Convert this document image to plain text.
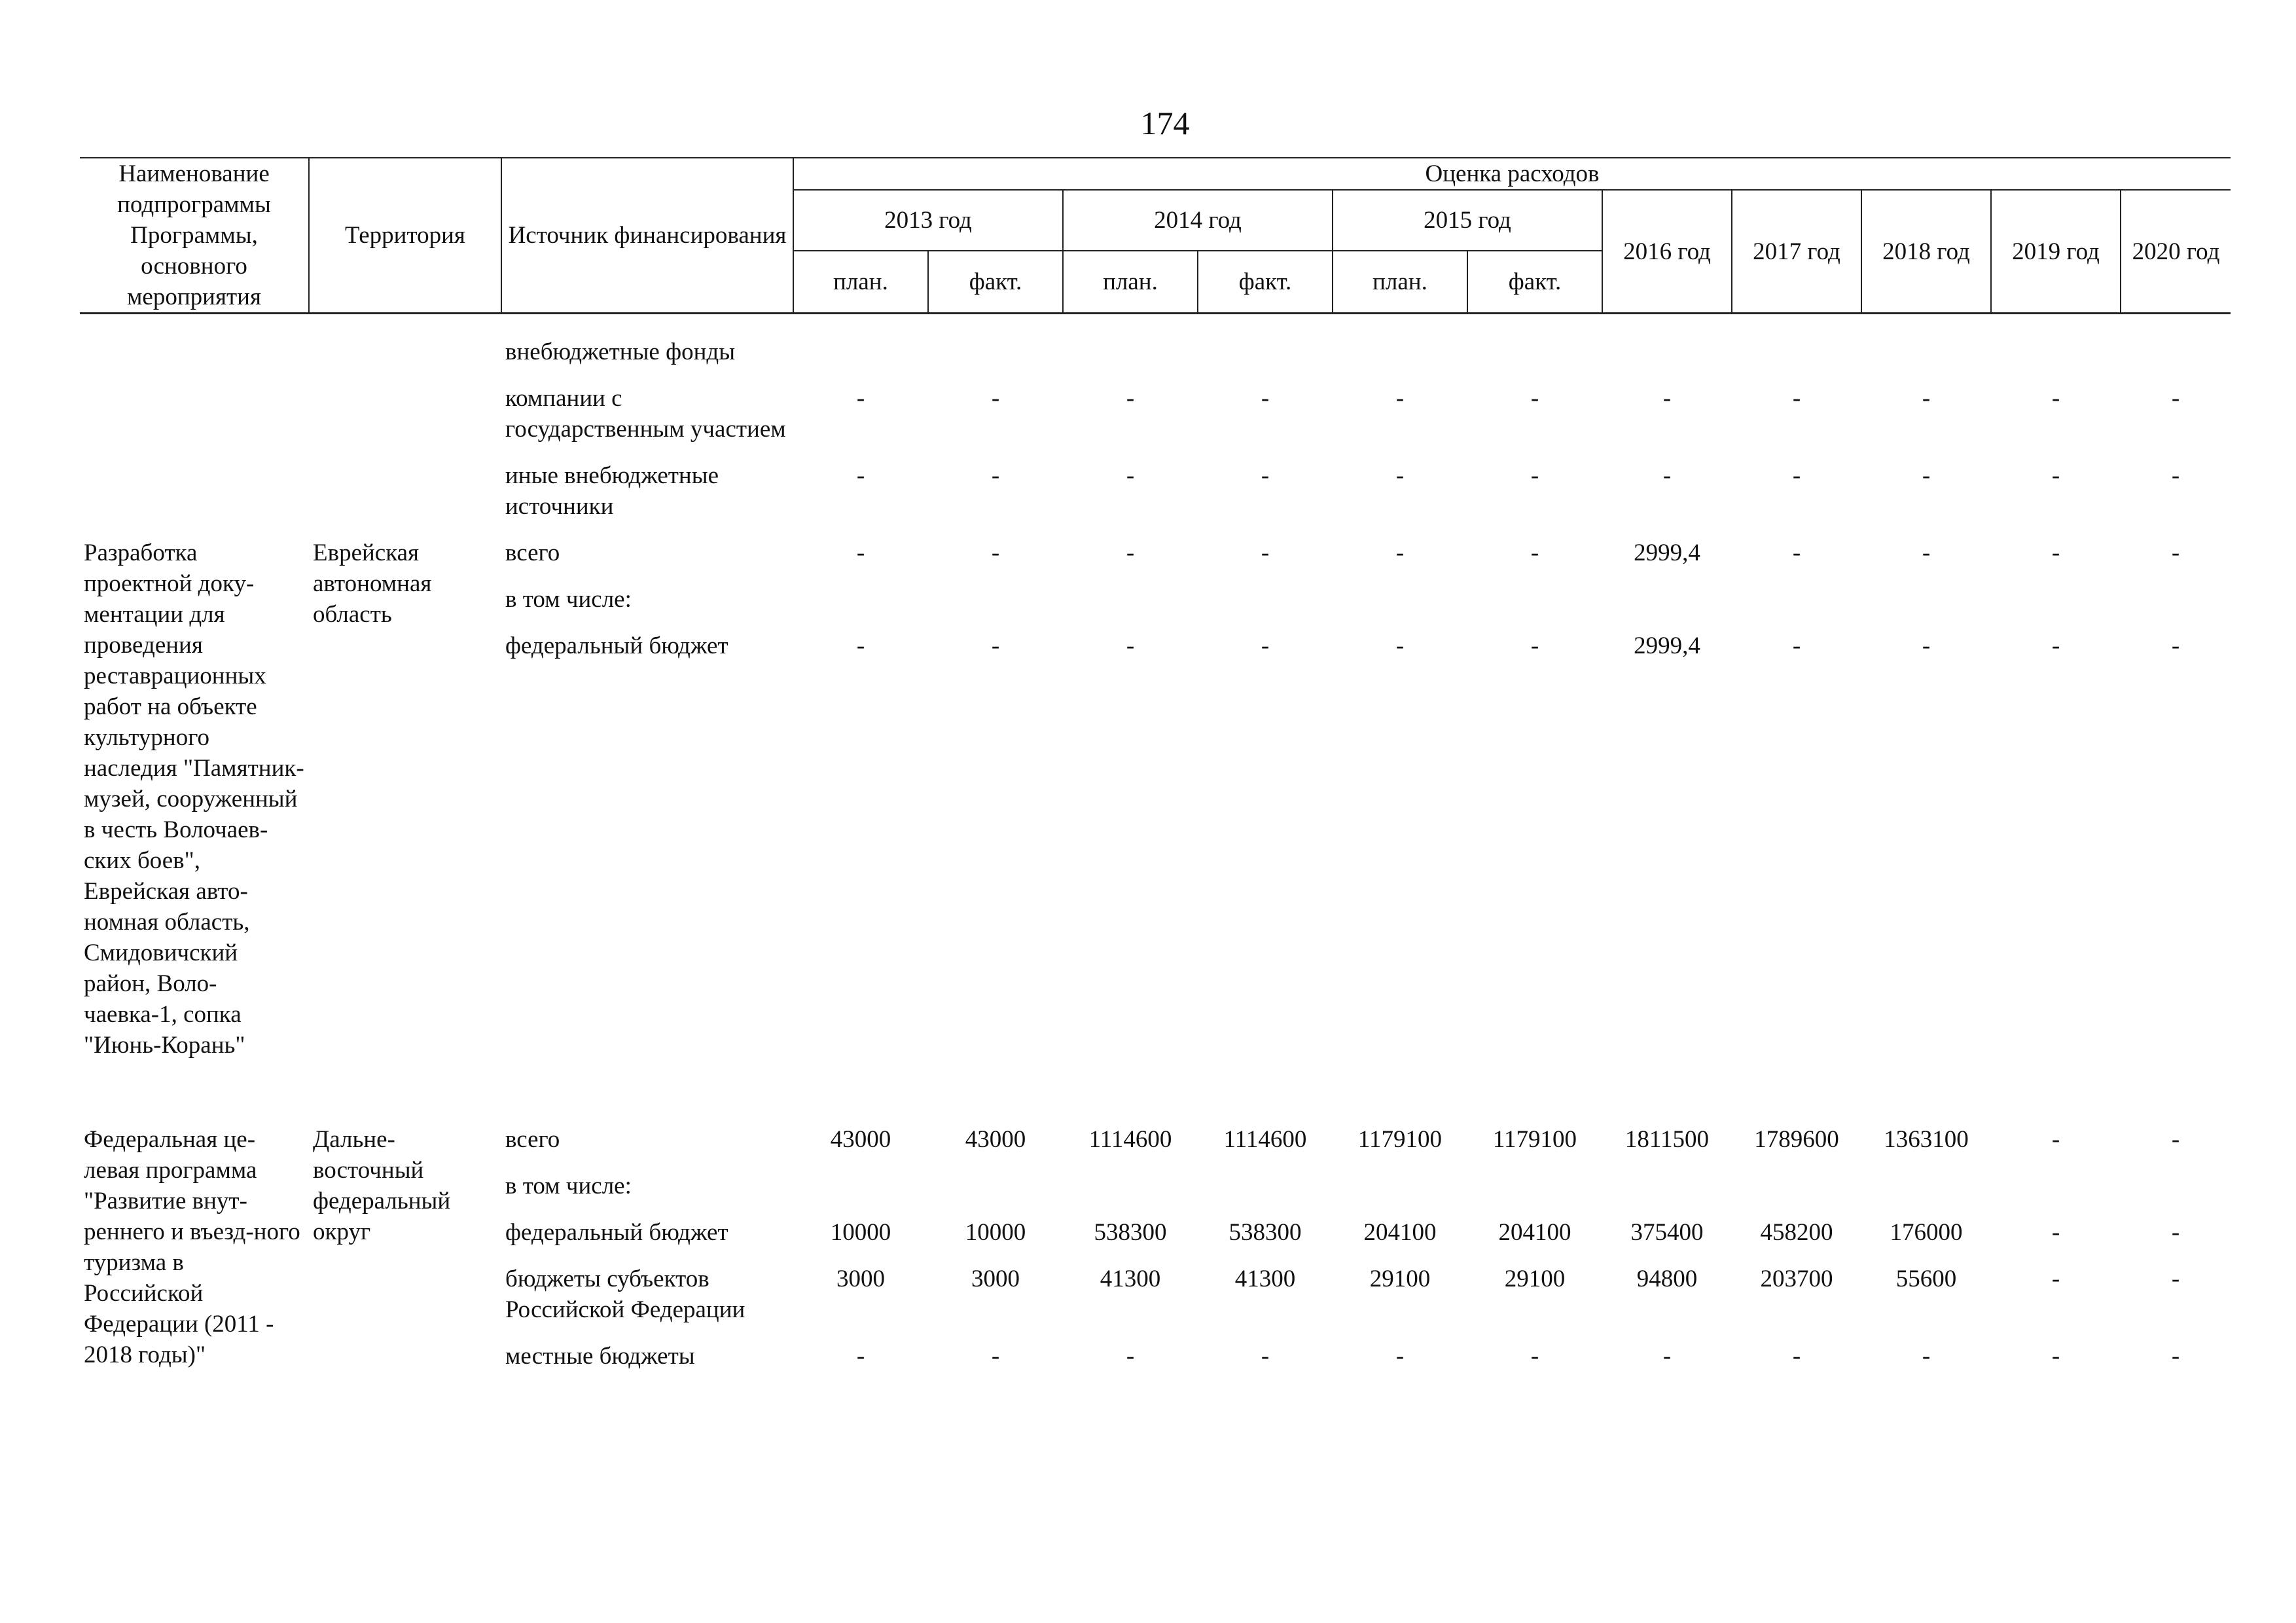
174
Наименование подпрограммы Программы, основного мероприятия	Территория	Источник финансирования	Оценка расходов										
			2013 год		2014 год		2015 год		2016 год	2017 год	2018 год	2019 год	2020 год
			план.	факт.	план.	факт.	план.	факт.					

		внебюджетные фонды											
		компании с государственным участием	-	-	-	-	-	-	-	-	-	-	-
		иные внебюджетные источники	-	-	-	-	-	-	-	-	-	-	-
Разработка проектной доку-ментации для проведения реставрационных работ на объекте культурного наследия "Памятник-музей, сооруженный в честь Волочаев-ских боев", Еврейская авто-номная область, Смидовичский район, Воло-чаевка-1, сопка "Июнь-Корань"	Еврейская автономная область	всего	-	-	-	-	-	-	2999,4	-	-	-	-
		в том числе:											
		федеральный бюджет	-	-	-	-	-	-	2999,4	-	-	-	-
Федеральная це-левая программа "Развитие внут-реннего и въезд-ного туризма в Российской Федерации (2011 - 2018 годы)"	Дальне-восточный федеральный округ	всего	43000	43000	1114600	1114600	1179100	1179100	1811500	1789600	1363100	-	-
		в том числе:											
		федеральный бюджет	10000	10000	538300	538300	204100	204100	375400	458200	176000	-	-
		бюджеты субъектов Российской Федерации	3000	3000	41300	41300	29100	29100	94800	203700	55600	-	-
		местные бюджеты	-	-	-	-	-	-	-	-	-	-	-
